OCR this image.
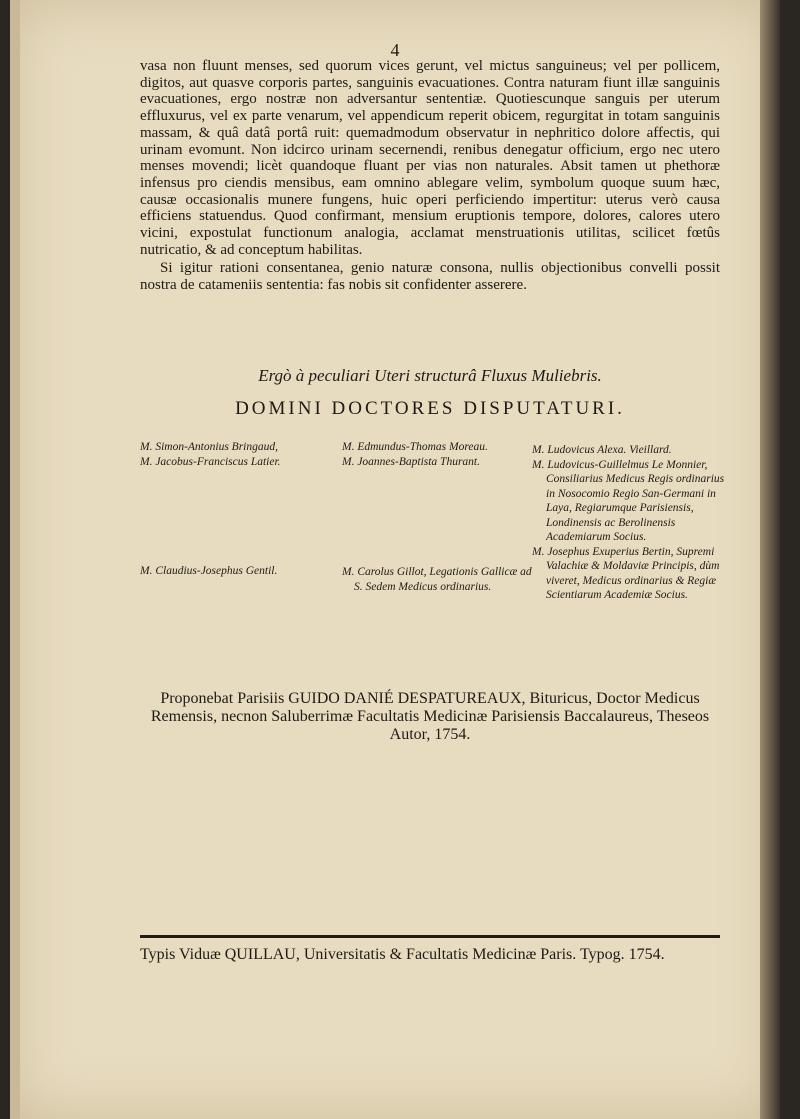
4

vasa non fluunt menses, sed quorum vices gerunt, vel mictus sanguineus; vel per pollicem, digitos, aut quasve corporis partes, sanguinis evacuationes. Contra naturam fiunt illæ sanguinis evacuationes, ergo nostræ non adversantur sententiæ. Quotiescunque sanguis per uterum effluxurus, vel ex parte venarum, vel appendicum reperit obicem, regurgitat in totam sanguinis massam, & quâ datâ portâ ruit: quemadmodum observatur in nephritico dolore affectis, qui urinam evomunt. Non idcirco urinam secernendi, renibus denegatur officium, ergo nec utero menses movendi; licèt quandoque fluant per vias non naturales. Absit tamen ut phethoræ infensus pro ciendis mensibus, eam omnino ablegare velim, symbolum quoque suum hæc, causæ occasionalis munere fungens, huic operi perficiendo impertitur: uterus verò causa efficiens statuendus. Quod confirmant, mensium eruptionis tempore, dolores, calores utero vicini, expostulat functionum analogia, acclamat menstruationis utilitas, scilicet fœtûs nutricatio, & ad conceptum habilitas.

Si igitur rationi consentanea, genio naturæ consona, nullis objectionibus convelli possit nostra de catameniis sententia: fas nobis sit confidenter asserere.

Ergò à peculiari Uteri structurâ Fluxus Muliebris.
DOMINI DOCTORES DISPUTATURI.

M. Simon-Antonius Bringaud,

M. Jacobus-Franciscus Latier.

M. Claudius-Josephus Gentil.

M. Edmundus-Thomas Moreau.

M. Joannes-Baptista Thurant.

M. Carolus Gillot, Legationis Gallicæ ad S. Sedem Medicus ordinarius.

M. Ludovicus Alexa. Vieillard.

M. Ludovicus-Guillelmus Le Monnier, Consiliarius Medicus Regis ordinarius in Nosocomio Regio San-Germani in Laya, Regiarumque Parisiensis, Londinensis ac Berolinensis Academiarum Socius.

M. Josephus Exuperius Bertin, Supremi Valachiæ & Moldaviæ Principis, dùm viveret, Medicus ordinarius & Regiæ Scientiarum Academiæ Socius.

Proponebat Parisiis GUIDO DANIÉ DESPATUREAUX, Bituricus, Doctor Medicus Remensis, necnon Saluberrimæ Facultatis Medicinæ Parisiensis Baccalaureus, Theseos Autor, 1754.
Typis Viduæ QUILLAU, Universitatis & Facultatis Medicinæ Paris. Typog. 1754.
